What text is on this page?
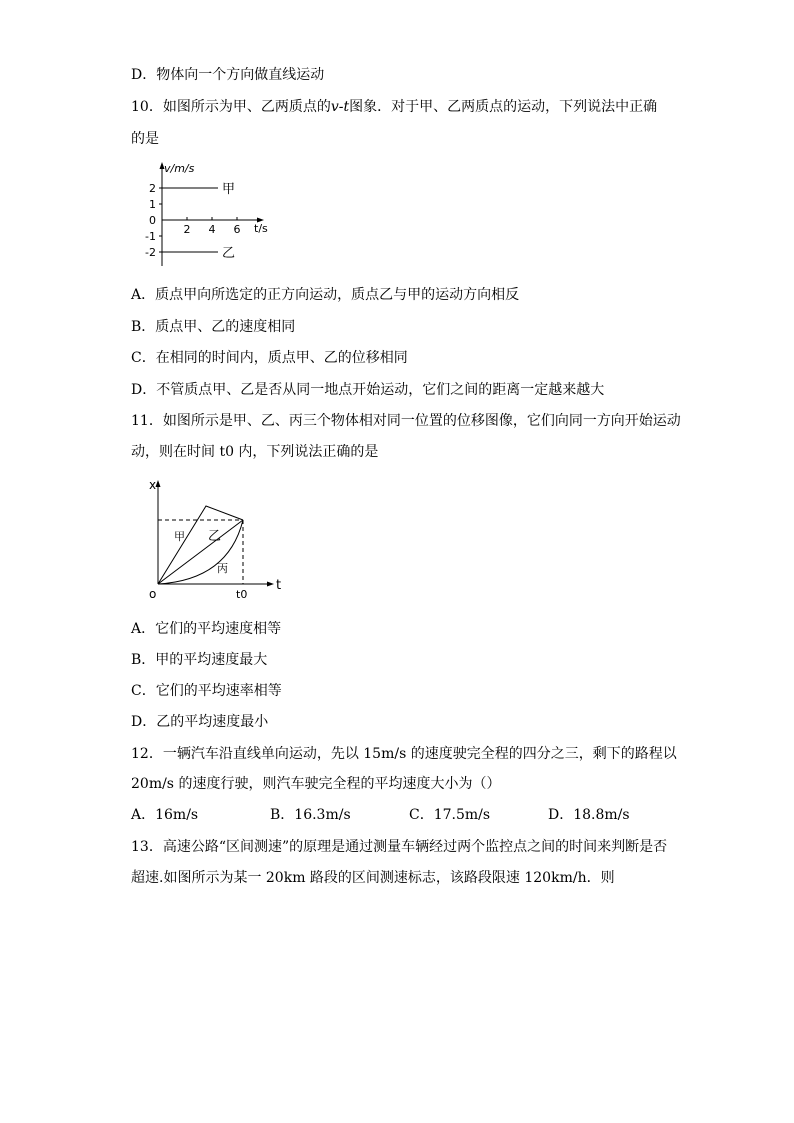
D．物体向一个方向做直线运动
10．如图所示为甲、乙两质点的v-t图象．对于甲、乙两质点的运动，下列说法中正确
的是
v/m/s
t/s
2
1
0
-1
-2
2 4 6
甲
乙
A．质点甲向所选定的正方向运动，质点乙与甲的运动方向相反
B．质点甲、乙的速度相同
C．在相同的时间内，质点甲、乙的位移相同
D．不管质点甲、乙是否从同一地点开始运动，它们之间的距离一定越来越大
11．如图所示是甲、乙、丙三个物体相对同一位置的位移图像，它们向同一方向开始运动
动，则在时间 t0 内，下列说法正确的是
x
t
o	t0
甲 乙
丙
A．它们的平均速度相等
B．甲的平均速度最大
C．它们的平均速率相等
D．乙的平均速度最小
12．一辆汽车沿直线单向运动，先以 15m/s 的速度驶完全程的四分之三，剩下的路程以
20m/s 的速度行驶，则汽车驶完全程的平均速度大小为（）
A．16m/s	B．16.3m/s	C．17.5m/s	D．18.8m/s
13．高速公路“区间测速”的原理是通过测量车辆经过两个监控点之间的时间来判断是否
超速.如图所示为某一 20km 路段的区间测速标志，该路段限速 120km/h．则
